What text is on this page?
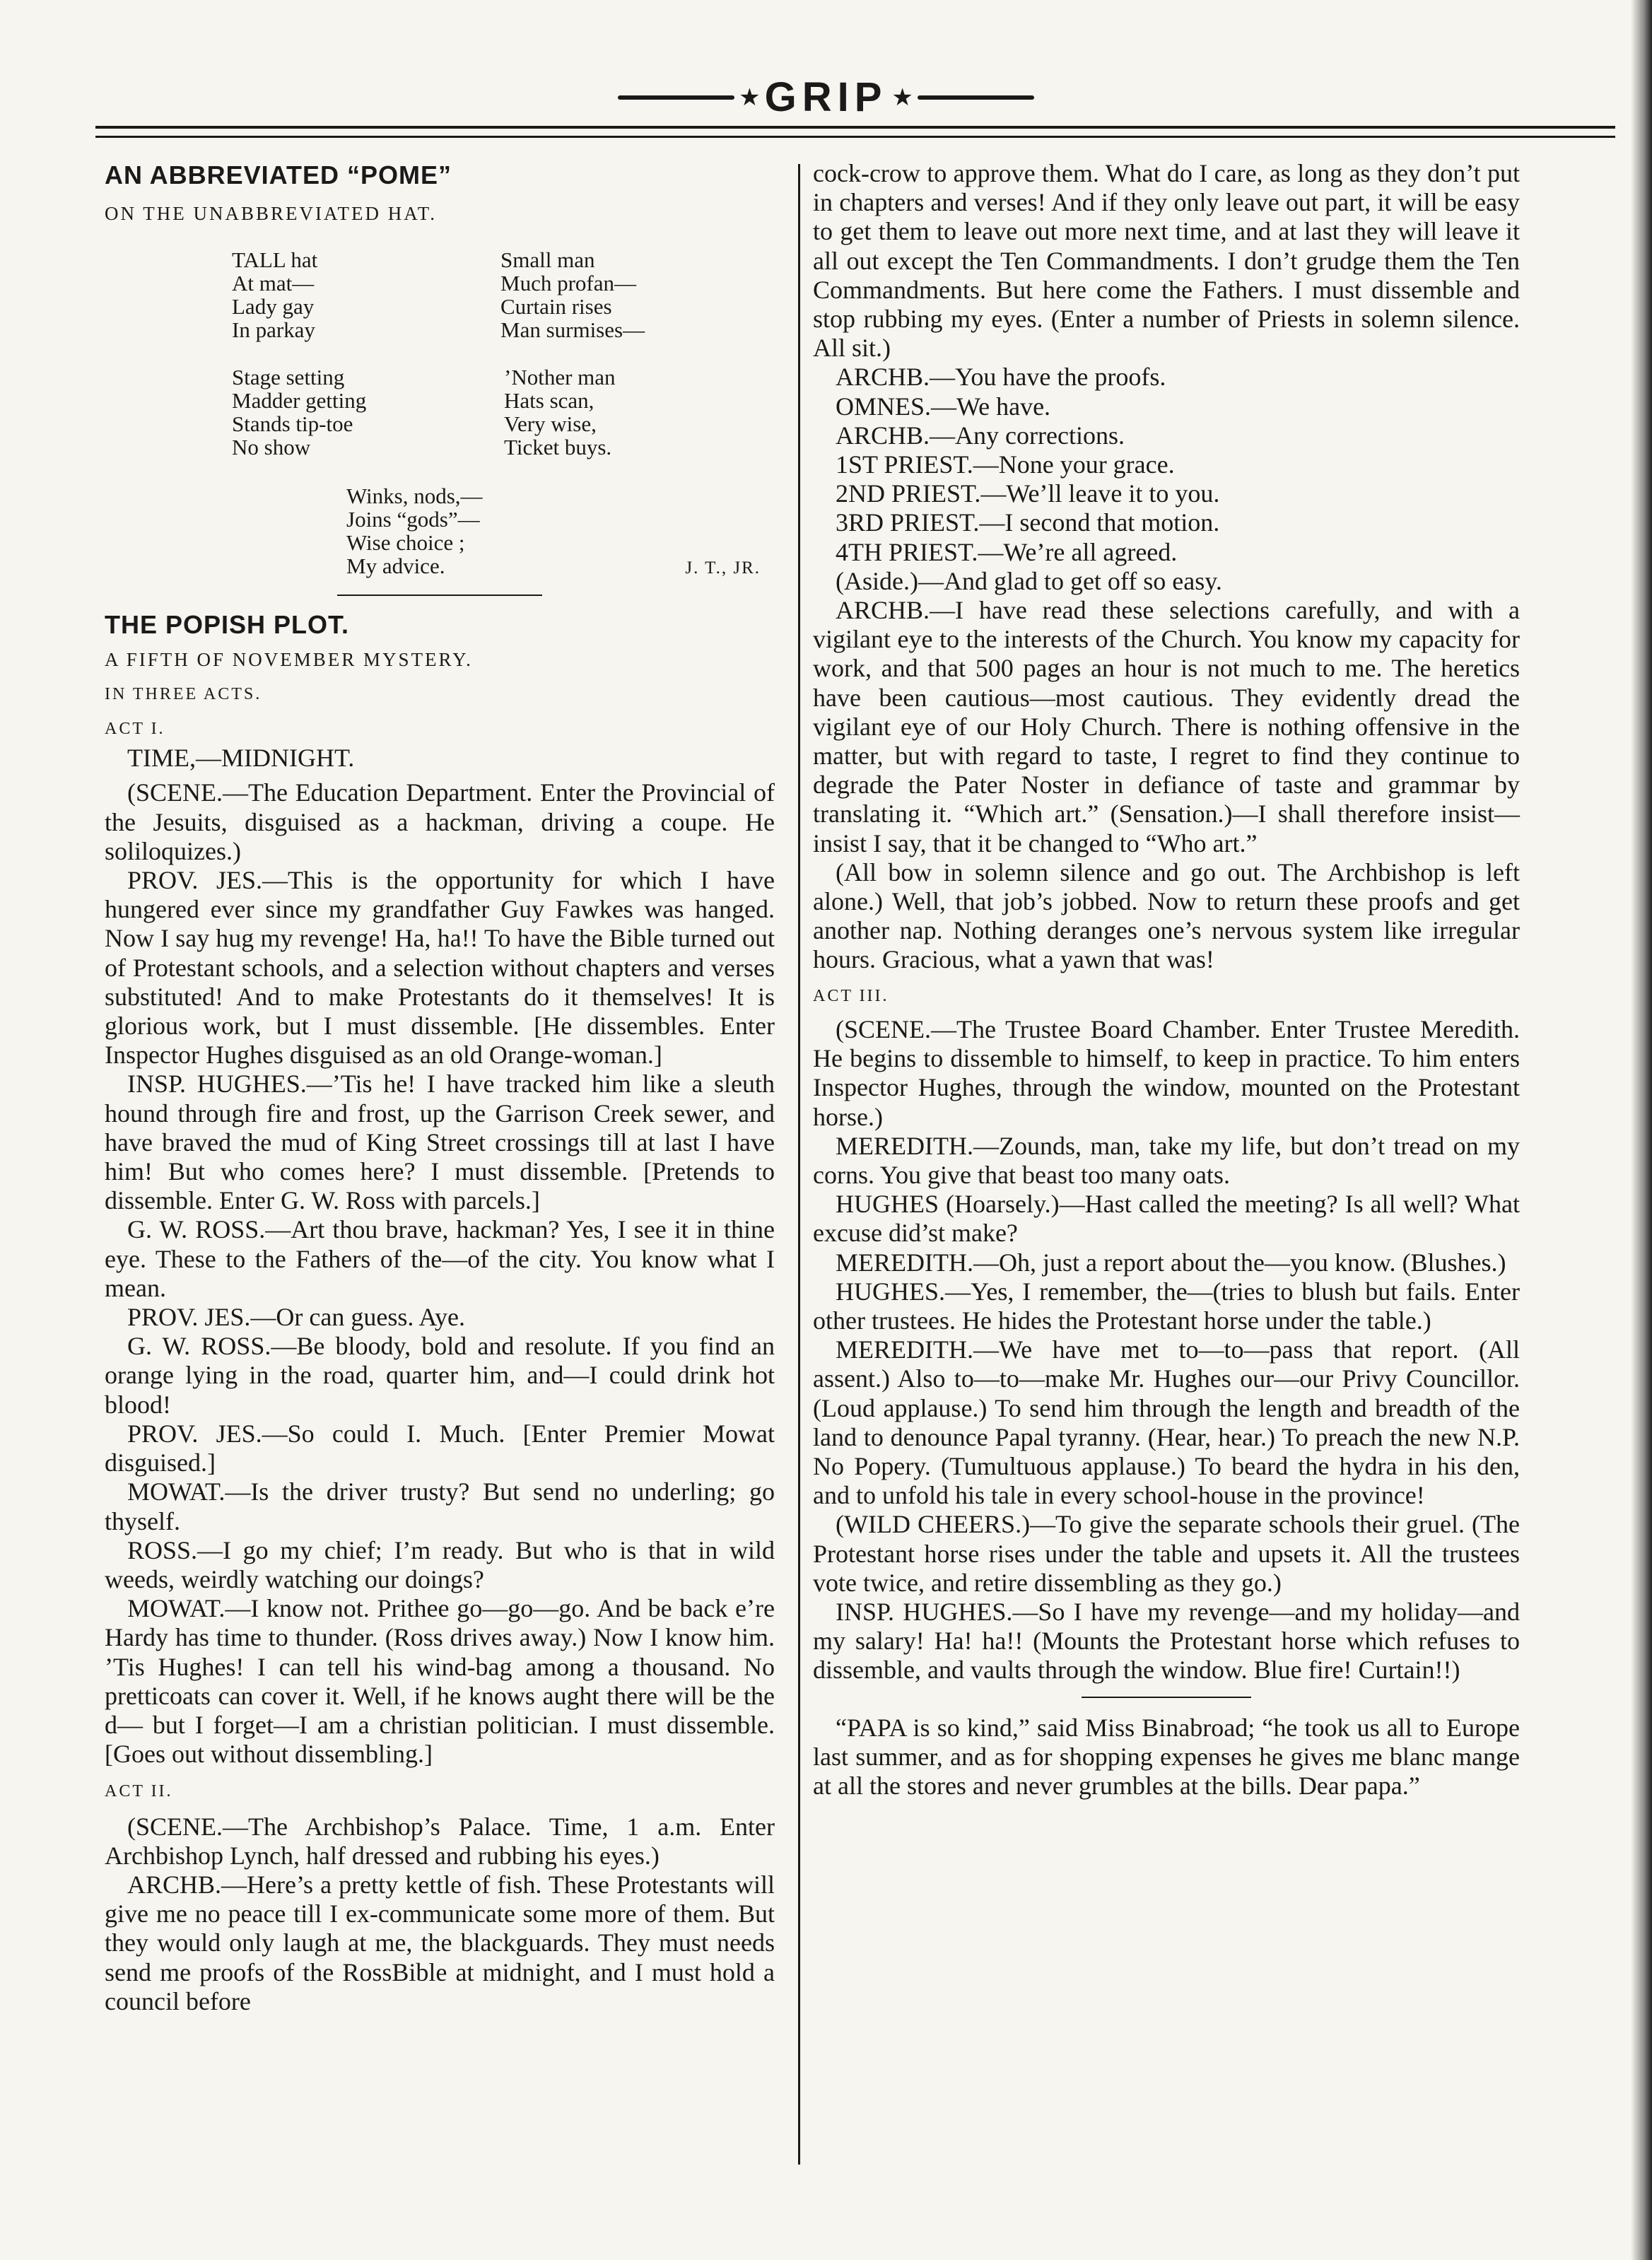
★ GRIP ★

AN ABBREVIATED “POME”

ON THE UNABBREVIATED HAT.

TALL hat
At mat—
Lady gay
In parkay
Small man
Much profan—
Curtain rises
Man surmises—
Stage setting
Madder getting
Stands tip-toe
No show
’Nother man
Hats scan,
Very wise,
Ticket buys.
Winks, nods,—
Joins “gods”—
Wise choice ;
My advice.	J. T., JR.

THE POPISH PLOT.

A FIFTH OF NOVEMBER MYSTERY.

IN THREE ACTS.

ACT I.

TIME,—MIDNIGHT.

(SCENE.—The Education Department. Enter the Provincial of the Jesuits, disguised as a hackman, driving a coupe. He soliloquizes.)

PROV. JES.—This is the opportunity for which I have hungered ever since my grandfather Guy Fawkes was hanged. Now I say hug my revenge! Ha, ha!! To have the Bible turned out of Protestant schools, and a selection without chapters and verses substituted! And to make Protestants do it themselves! It is glorious work, but I must dissemble. [He dissembles. Enter Inspector Hughes disguised as an old Orange-woman.]

INSP. HUGHES.—’Tis he! I have tracked him like a sleuth hound through fire and frost, up the Garrison Creek sewer, and have braved the mud of King Street crossings till at last I have him! But who comes here? I must dissemble. [Pretends to dissemble. Enter G. W. Ross with parcels.]

G. W. ROSS.—Art thou brave, hackman? Yes, I see it in thine eye. These to the Fathers of the—of the city. You know what I mean.

PROV. JES.—Or can guess. Aye.

G. W. ROSS.—Be bloody, bold and resolute. If you find an orange lying in the road, quarter him, and—I could drink hot blood!

PROV. JES.—So could I. Much. [Enter Premier Mowat disguised.]

MOWAT.—Is the driver trusty? But send no underling; go thyself.

ROSS.—I go my chief; I’m ready. But who is that in wild weeds, weirdly watching our doings?

MOWAT.—I know not. Prithee go—go—go. And be back e’re Hardy has time to thunder. (Ross drives away.) Now I know him. ’Tis Hughes! I can tell his wind-bag among a thousand. No pretticoats can cover it. Well, if he knows aught there will be the d— but I forget—I am a christian politician. I must dissemble. [Goes out without dissembling.]

ACT II.

(SCENE.—The Archbishop’s Palace. Time, 1 a.m. Enter Archbishop Lynch, half dressed and rubbing his eyes.)

ARCHB.—Here’s a pretty kettle of fish. These Protestants will give me no peace till I ex-communicate some more of them. But they would only laugh at me, the blackguards. They must needs send me proofs of the RossBible at midnight, and I must hold a council before

cock-crow to approve them. What do I care, as long as they don’t put in chapters and verses! And if they only leave out part, it will be easy to get them to leave out more next time, and at last they will leave it all out except the Ten Commandments. I don’t grudge them the Ten Commandments. But here come the Fathers. I must dissemble and stop rubbing my eyes. (Enter a number of Priests in solemn silence. All sit.)

ARCHB.—You have the proofs.

OMNES.—We have.

ARCHB.—Any corrections.

1ST PRIEST.—None your grace.

2ND PRIEST.—We’ll leave it to you.

3RD PRIEST.—I second that motion.

4TH PRIEST.—We’re all agreed.

(Aside.)—And glad to get off so easy.

ARCHB.—I have read these selections carefully, and with a vigilant eye to the interests of the Church. You know my capacity for work, and that 500 pages an hour is not much to me. The heretics have been cautious—most cautious. They evidently dread the vigilant eye of our Holy Church. There is nothing offensive in the matter, but with regard to taste, I regret to find they continue to degrade the Pater Noster in defiance of taste and grammar by translating it. “Which art.” (Sensation.)—I shall therefore insist—insist I say, that it be changed to “Who art.”

(All bow in solemn silence and go out. The Archbishop is left alone.) Well, that job’s jobbed. Now to return these proofs and get another nap. Nothing deranges one’s nervous system like irregular hours. Gracious, what a yawn that was!

ACT III.

(SCENE.—The Trustee Board Chamber. Enter Trustee Meredith. He begins to dissemble to himself, to keep in practice. To him enters Inspector Hughes, through the window, mounted on the Protestant horse.)

MEREDITH.—Zounds, man, take my life, but don’t tread on my corns. You give that beast too many oats.

HUGHES (Hoarsely.)—Hast called the meeting? Is all well? What excuse did’st make?

MEREDITH.—Oh, just a report about the—you know. (Blushes.)

HUGHES.—Yes, I remember, the—(tries to blush but fails. Enter other trustees. He hides the Protestant horse under the table.)

MEREDITH.—We have met to—to—pass that report. (All assent.) Also to—to—make Mr. Hughes our—our Privy Councillor. (Loud applause.) To send him through the length and breadth of the land to denounce Papal tyranny. (Hear, hear.) To preach the new N.P. No Popery. (Tumultuous applause.) To beard the hydra in his den, and to unfold his tale in every school-house in the province!

(WILD CHEERS.)—To give the separate schools their gruel. (The Protestant horse rises under the table and upsets it. All the trustees vote twice, and retire dissembling as they go.)

INSP. HUGHES.—So I have my revenge—and my holiday—and my salary! Ha! ha!! (Mounts the Protestant horse which refuses to dissemble, and vaults through the window. Blue fire! Curtain!!)

“PAPA is so kind,” said Miss Binabroad; “he took us all to Europe last summer, and as for shopping expenses he gives me blanc mange at all the stores and never grumbles at the bills. Dear papa.”
